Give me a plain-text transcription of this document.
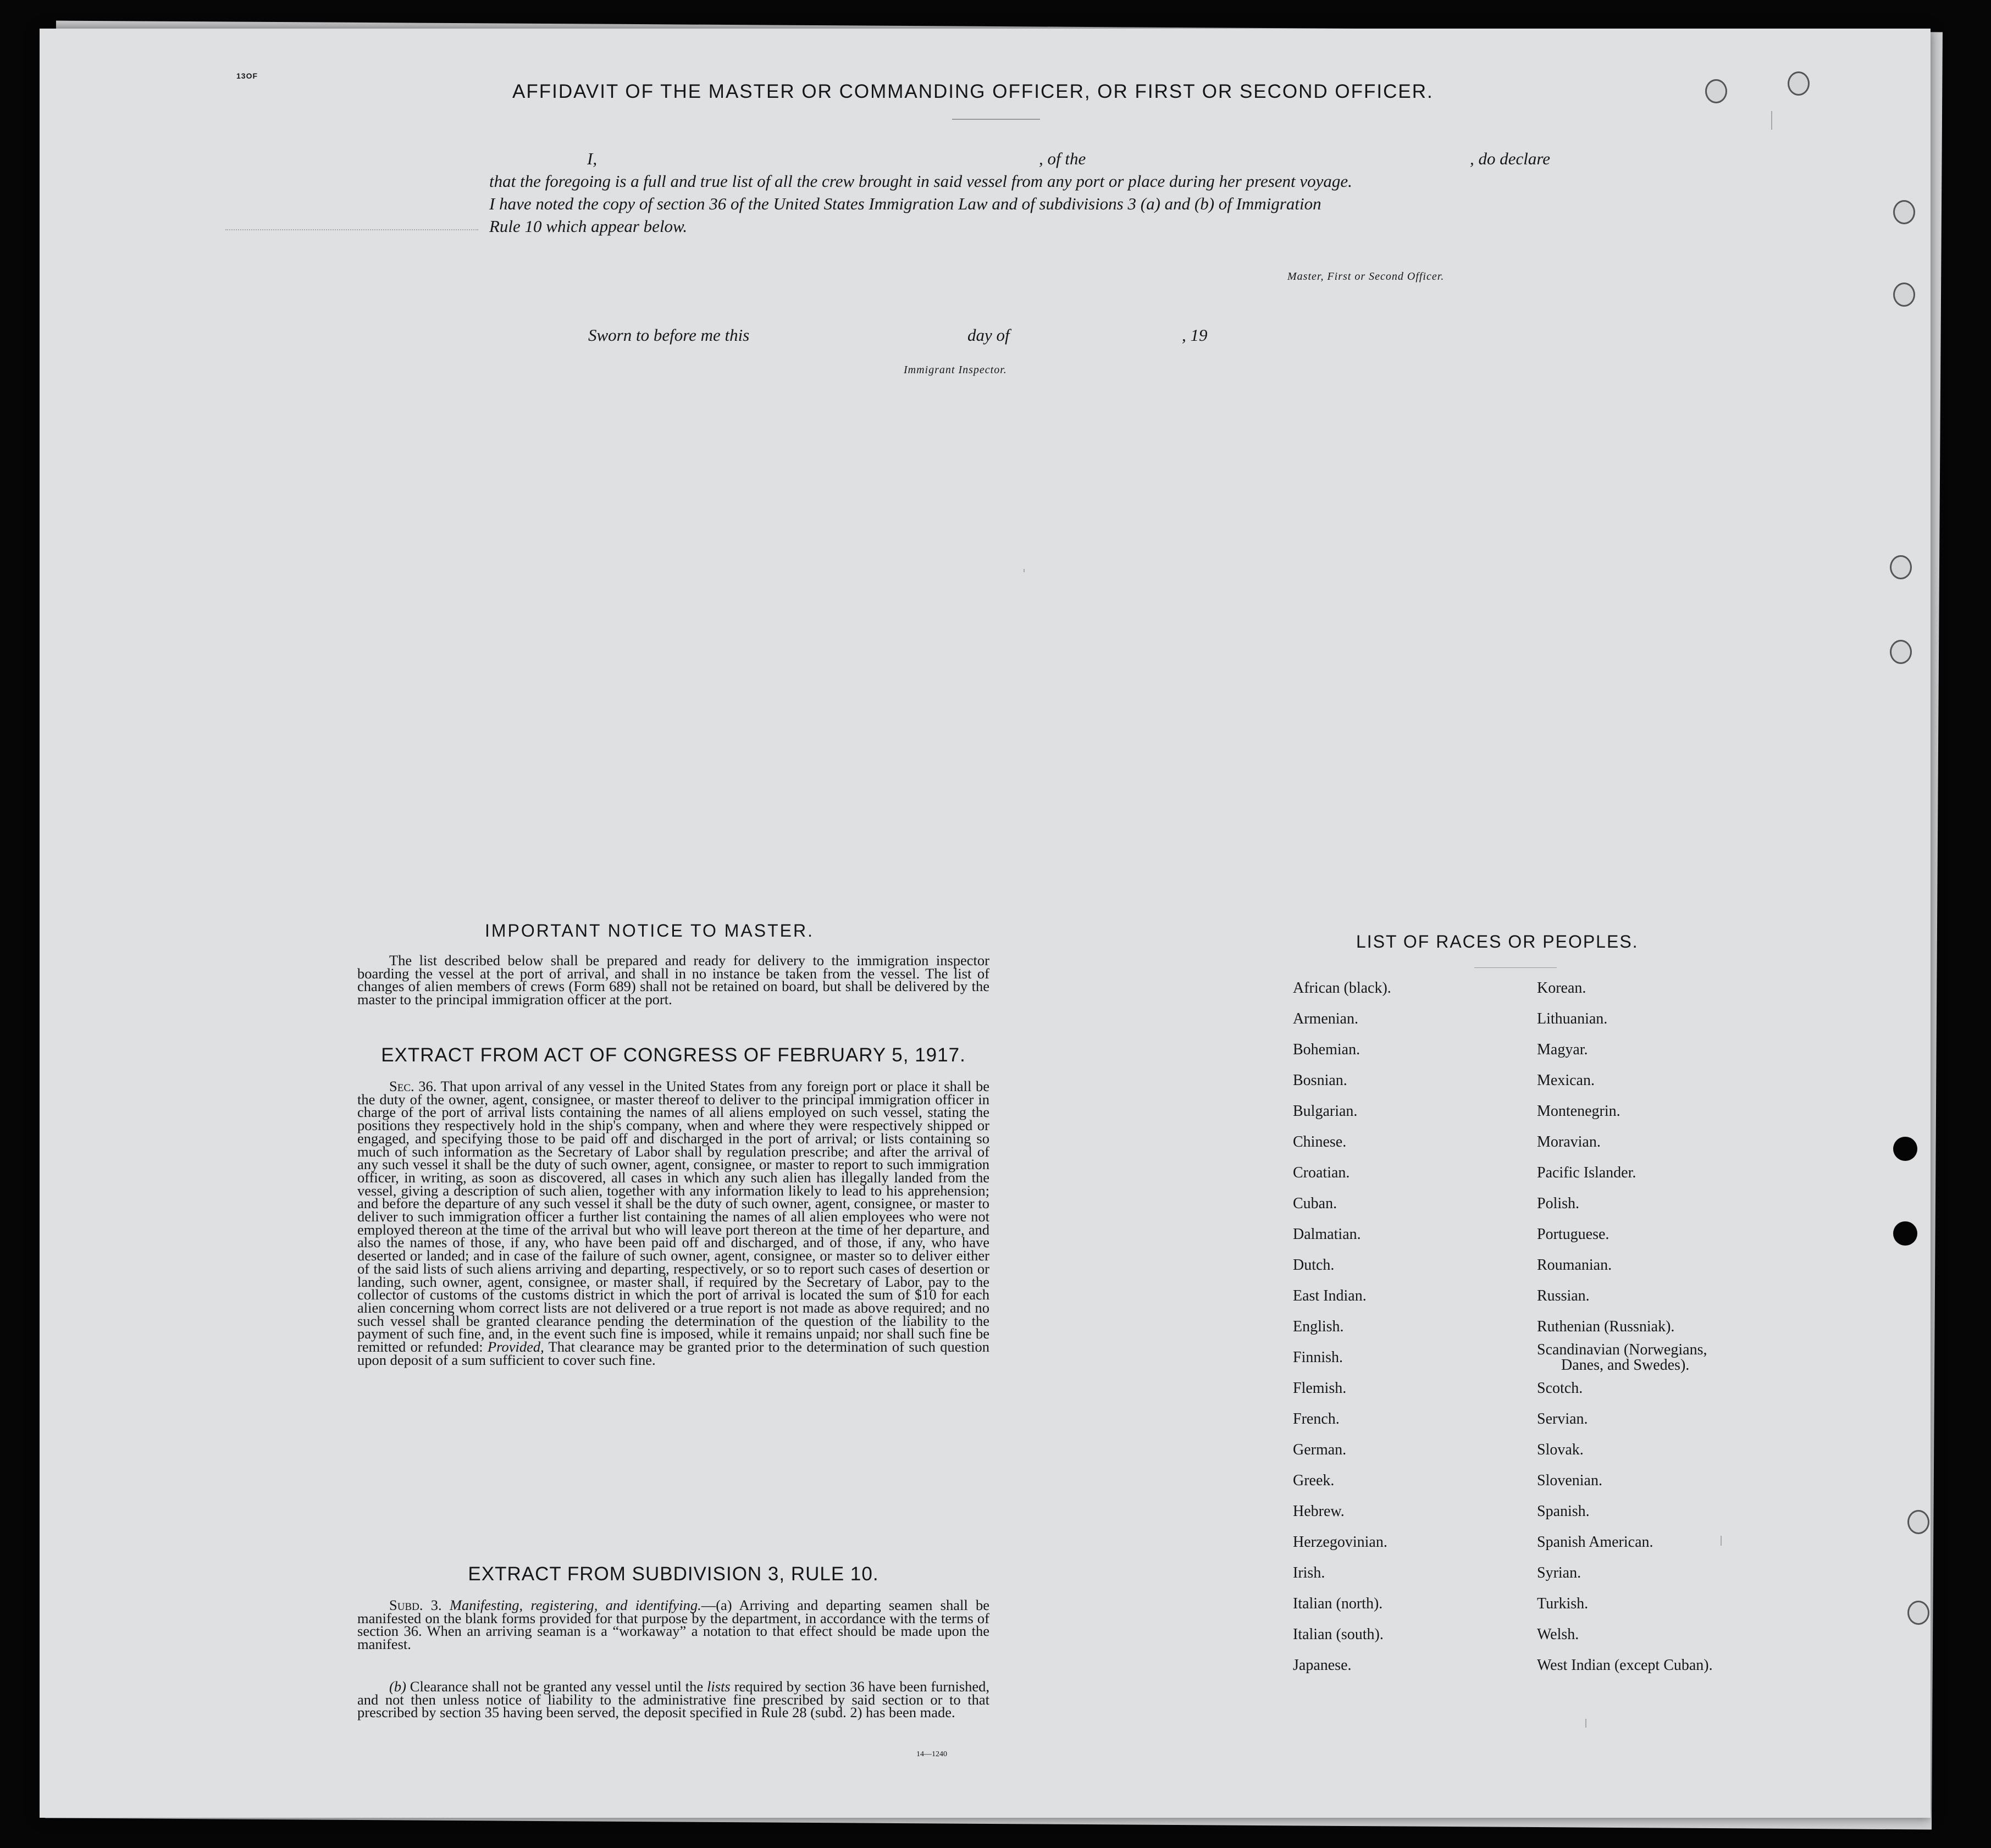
13OF
AFFIDAVIT OF THE MASTER OR COMMANDING OFFICER, OR FIRST OR SECOND OFFICER.
I,	, of the	, do declare
that the foregoing is a full and true list of all the crew brought in said vessel from any port or place during her present voyage.
I have noted the copy of section 36 of the United States Immigration Law and of subdivisions 3 (a) and (b) of Immigration
Rule 10 which appear below.
Master, First or Second Officer.
Sworn to before me this	day of	, 19
Immigrant Inspector.
IMPORTANT NOTICE TO MASTER.
The list described below shall be prepared and ready for delivery to the immigration inspector boarding the vessel at the port of arrival, and shall in no instance be taken from the vessel. The list of changes of alien members of crews (Form 689) shall not be retained on board, but shall be delivered by the master to the principal immigration officer at the port.
EXTRACT FROM ACT OF CONGRESS OF FEBRUARY 5, 1917.
Sec. 36. That upon arrival of any vessel in the United States from any foreign port or place it shall be the duty of the owner, agent, consignee, or master thereof to deliver to the principal immigration officer in charge of the port of arrival lists containing the names of all aliens employed on such vessel, stating the positions they respectively hold in the ship's company, when and where they were respectively shipped or engaged, and specifying those to be paid off and discharged in the port of arrival; or lists containing so much of such information as the Secretary of Labor shall by regulation prescribe; and after the arrival of any such vessel it shall be the duty of such owner, agent, consignee, or master to report to such immigration officer, in writing, as soon as discovered, all cases in which any such alien has illegally landed from the vessel, giving a description of such alien, together with any information likely to lead to his apprehension; and before the departure of any such vessel it shall be the duty of such owner, agent, consignee, or master to deliver to such immigration officer a further list containing the names of all alien employees who were not employed thereon at the time of the arrival but who will leave port thereon at the time of her departure, and also the names of those, if any, who have been paid off and discharged, and of those, if any, who have deserted or landed; and in case of the failure of such owner, agent, consignee, or master so to deliver either of the said lists of such aliens arriving and departing, respectively, or so to report such cases of desertion or landing, such owner, agent, consignee, or master shall, if required by the Secretary of Labor, pay to the collector of customs of the customs district in which the port of arrival is located the sum of $10 for each alien concerning whom correct lists are not delivered or a true report is not made as above required; and no such vessel shall be granted clearance pending the determination of the question of the liability to the payment of such fine, and, in the event such fine is imposed, while it remains unpaid; nor shall such fine be remitted or refunded: Provided, That clearance may be granted prior to the determination of such question upon deposit of a sum sufficient to cover such fine.
EXTRACT FROM SUBDIVISION 3, RULE 10.
Subd. 3. Manifesting, registering, and identifying.—(a) Arriving and departing seamen shall be manifested on the blank forms provided for that purpose by the department, in accordance with the terms of section 36. When an arriving seaman is a “workaway” a notation to that effect should be made upon the manifest.
(b) Clearance shall not be granted any vessel until the lists required by section 36 have been furnished, and not then unless notice of liability to the administrative fine prescribed by said section or to that prescribed by section 35 having been served, the deposit specified in Rule 28 (subd. 2) has been made.
14—1240
LIST OF RACES OR PEOPLES.
African (black).
Armenian.
Bohemian.
Bosnian.
Bulgarian.
Chinese.
Croatian.
Cuban.
Dalmatian.
Dutch.
East Indian.
English.
Finnish.
Flemish.
French.
German.
Greek.
Hebrew.
Herzegovinian.
Irish.
Italian (north).
Italian (south).
Japanese.
Korean.
Lithuanian.
Magyar.
Mexican.
Montenegrin.
Moravian.
Pacific Islander.
Polish.
Portuguese.
Roumanian.
Russian.
Ruthenian (Russniak).
Scandinavian (Norwegians,
Danes, and Swedes).
Scotch.
Servian.
Slovak.
Slovenian.
Spanish.
Spanish American.
Syrian.
Turkish.
Welsh.
West Indian (except Cuban).
